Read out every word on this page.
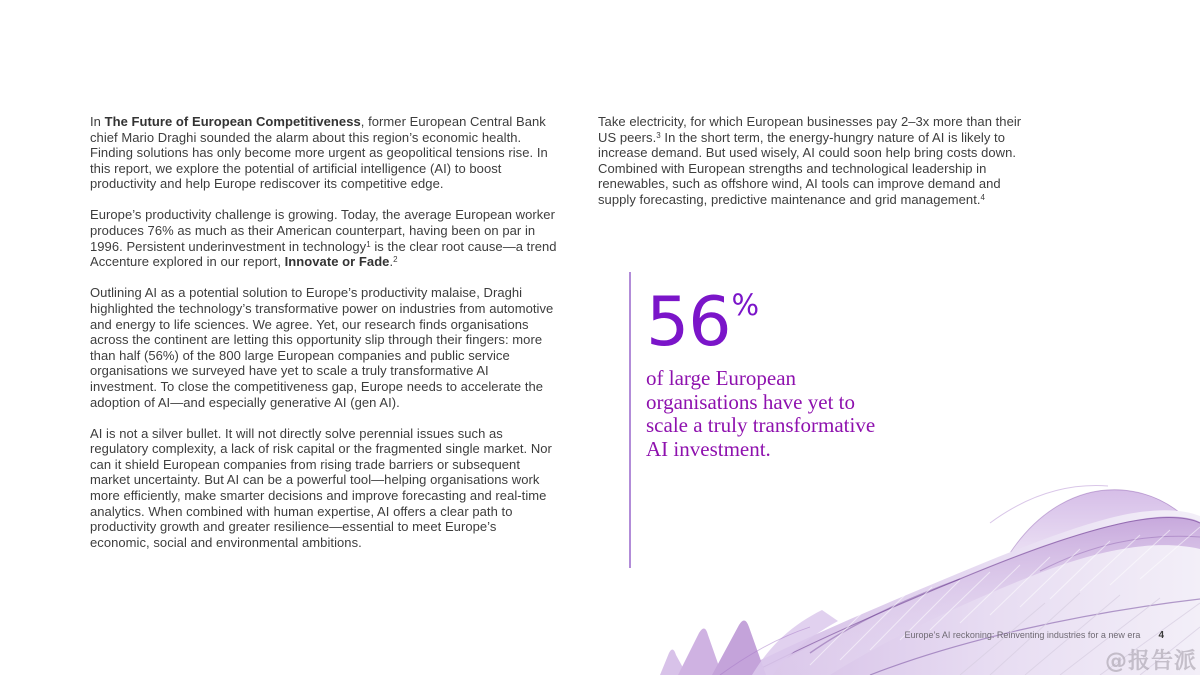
In The Future of European Competitiveness, former European Central Bank chief Mario Draghi sounded the alarm about this region’s economic health. Finding solutions has only become more urgent as geopolitical tensions rise. In this report, we explore the potential of artificial intelligence (AI) to boost productivity and help Europe rediscover its competitive edge.

Europe’s productivity challenge is growing. Today, the average European worker produces 76% as much as their American counterpart, having been on par in 1996. Persistent underinvestment in technology$^1$ is the clear root cause—a trend Accenture explored in our report, Innovate or Fade.$^2$

Outlining AI as a potential solution to Europe’s productivity malaise, Draghi highlighted the technology’s transformative power on industries from automotive and energy to life sciences. We agree. Yet, our research finds organisations across the continent are letting this opportunity slip through their fingers: more than half (56%) of the 800 large European companies and public service organisations we surveyed have yet to scale a truly transformative AI investment. To close the competitiveness gap, Europe needs to accelerate the adoption of AI—and especially generative AI (gen AI).

AI is not a silver bullet. It will not directly solve perennial issues such as regulatory complexity, a lack of risk capital or the fragmented single market. Nor can it shield European companies from rising trade barriers or subsequent market uncertainty. But AI can be a powerful tool—helping organisations work more efficiently, make smarter decisions and improve forecasting and real-time analytics. When combined with human expertise, AI offers a clear path to productivity growth and greater resilience—essential to meet Europe’s economic, social and environmental ambitions.

Take electricity, for which European businesses pay 2–3x more than their US peers.$^3$ In the short term, the energy-hungry nature of AI is likely to increase demand. But used wisely, AI could soon help bring costs down. Combined with European strengths and technological leadership in renewables, such as offshore wind, AI tools can improve demand and supply forecasting, predictive maintenance and grid management.$^4$

56%
of large European organisations have yet to scale a truly transformative AI investment.
Europe’s AI reckoning: Reinventing industries for a new era 4
@报告派
